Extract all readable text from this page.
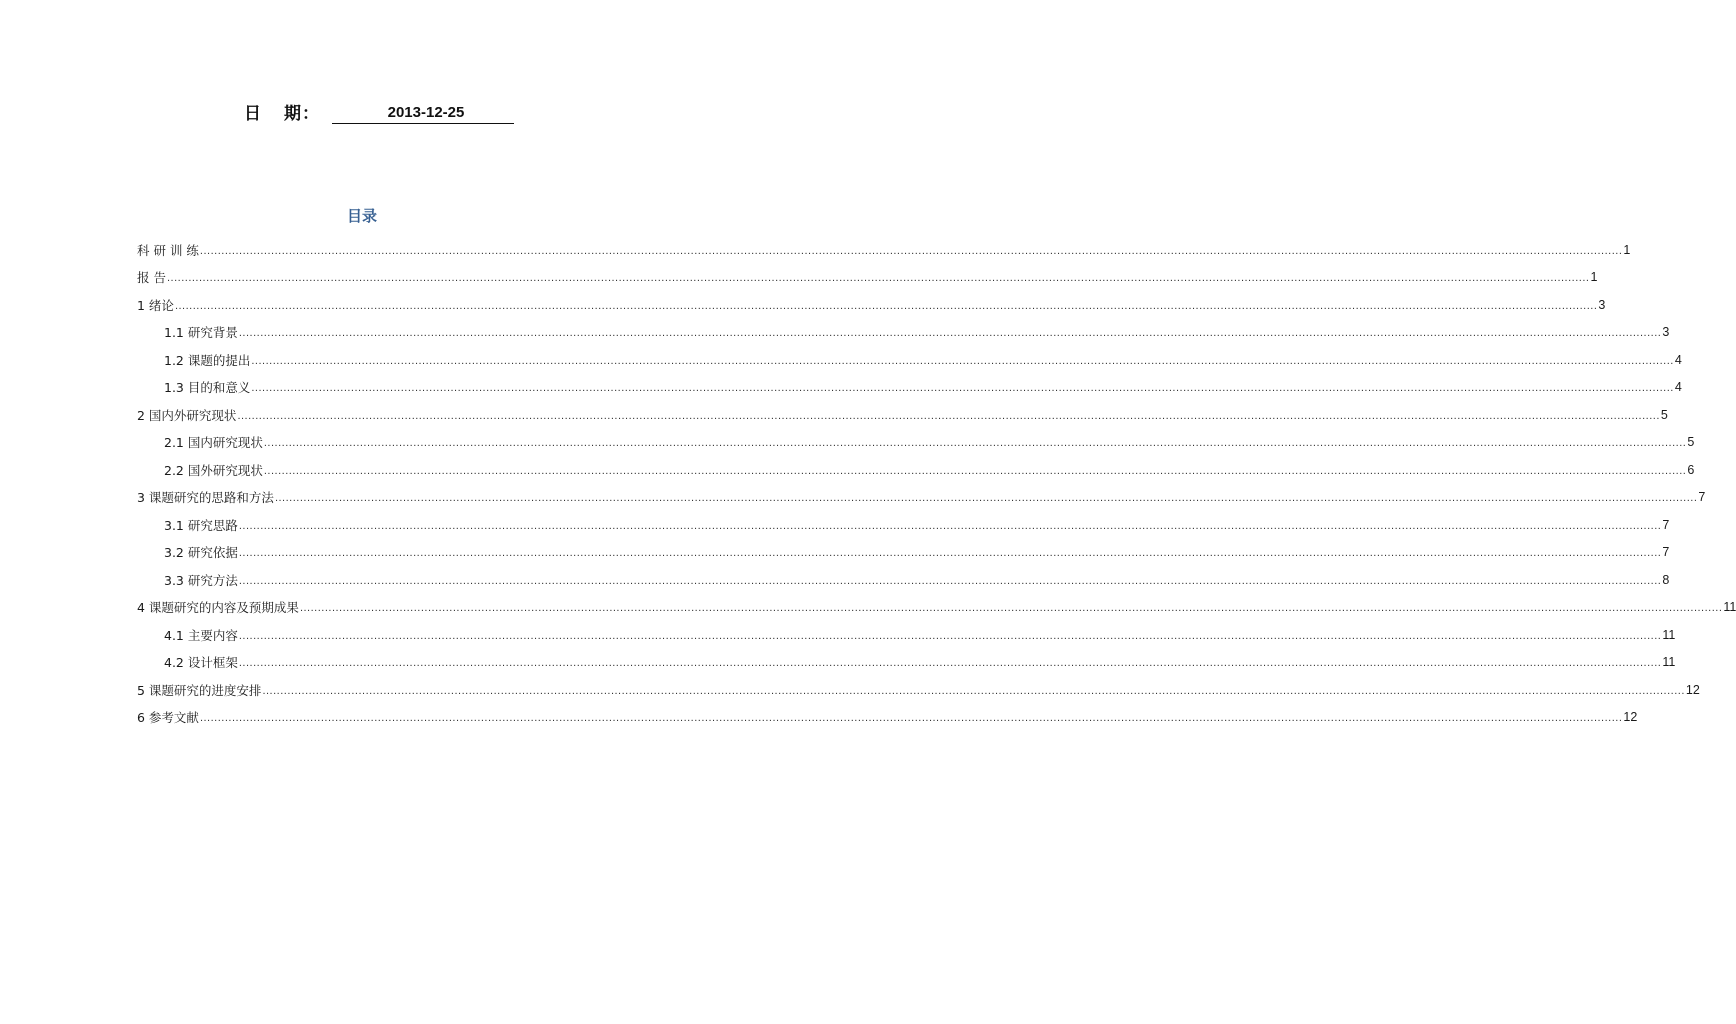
日 期：	2013-12-25
目录
科 研 训 练 ................................................................................................................................................................................................................................................................................................................................................................................................................ 1
报 告 ................................................................................................................................................................................................................................................................................................................................................................................................................ 1
1 绪论 ................................................................................................................................................................................................................................................................................................................................................................................................................ 3
1.1 研究背景 ................................................................................................................................................................................................................................................................................................................................................................................................................ 3
1.2 课题的提出 ................................................................................................................................................................................................................................................................................................................................................................................................................ 4
1.3 目的和意义 ................................................................................................................................................................................................................................................................................................................................................................................................................ 4
2 国内外研究现状 ................................................................................................................................................................................................................................................................................................................................................................................................................ 5
2.1 国内研究现状 ................................................................................................................................................................................................................................................................................................................................................................................................................ 5
2.2 国外研究现状 ................................................................................................................................................................................................................................................................................................................................................................................................................ 6
3 课题研究的思路和方法 ................................................................................................................................................................................................................................................................................................................................................................................................................ 7
3.1 研究思路 ................................................................................................................................................................................................................................................................................................................................................................................................................ 7
3.2 研究依据 ................................................................................................................................................................................................................................................................................................................................................................................................................ 7
3.3 研究方法 ................................................................................................................................................................................................................................................................................................................................................................................................................ 8
4 课题研究的内容及预期成果 ................................................................................................................................................................................................................................................................................................................................................................................................................ 11
4.1 主要内容 ................................................................................................................................................................................................................................................................................................................................................................................................................ 11
4.2 设计框架 ................................................................................................................................................................................................................................................................................................................................................................................................................ 11
5 课题研究的进度安排 ................................................................................................................................................................................................................................................................................................................................................................................................................ 12
6 参考文献 ................................................................................................................................................................................................................................................................................................................................................................................................................ 12
